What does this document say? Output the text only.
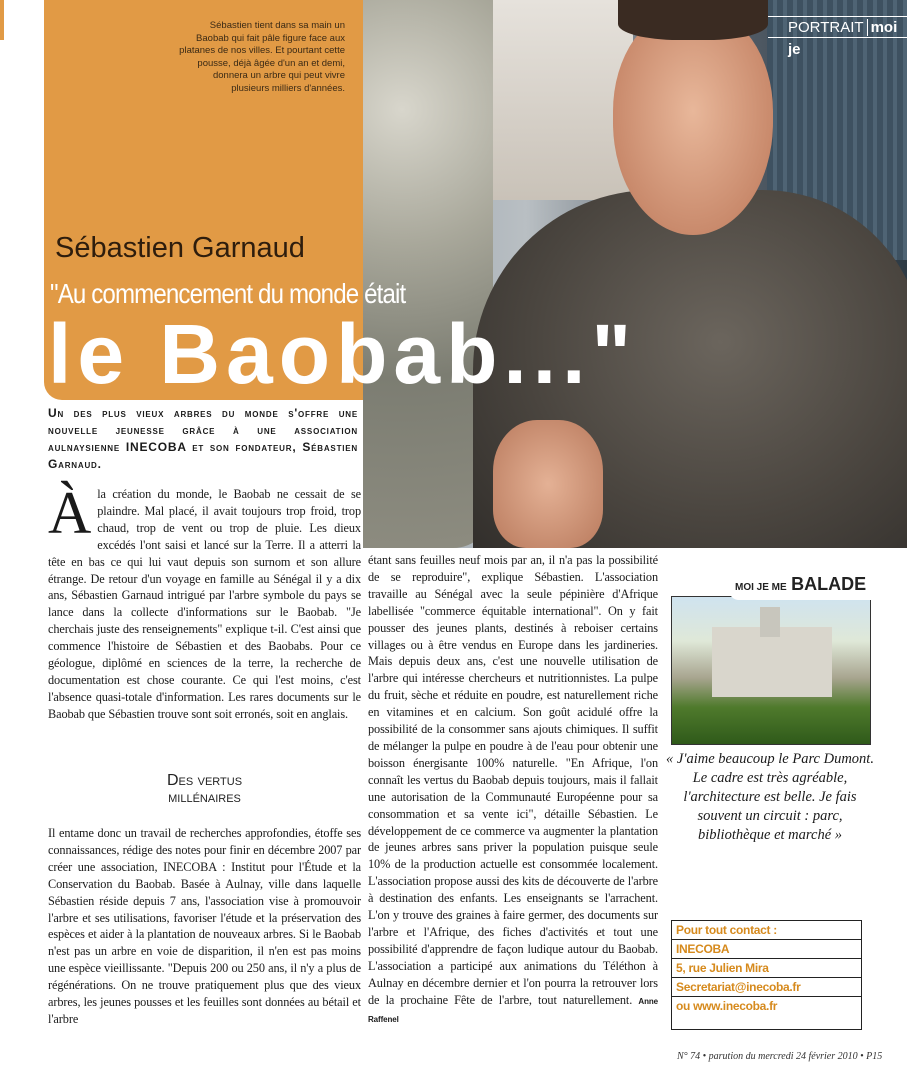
Sébastien tient dans sa main un Baobab qui fait pâle figure face aux platanes de nos villes. Et pourtant cette pousse, déjà âgée d'un an et demi, donnera un arbre qui peut vivre plusieurs milliers d'années.
PORTRAIT moi je
Sébastien Garnaud
"Au commencement du monde était
le Baobab..."
Un des plus vieux arbres du monde s'offre une nouvelle jeunesse grâce à une association aulnaysienne INECOBA et son fondateur, Sébastien Garnaud.
Àla création du monde, le Baobab ne cessait de se plaindre. Mal placé, il avait toujours trop froid, trop chaud, trop de vent ou trop de pluie. Les dieux excédés l'ont saisi et lancé sur la Terre. Il a atterri la tête en bas ce qui lui vaut depuis son surnom et son allure étrange. De retour d'un voyage en famille au Sénégal il y a dix ans, Sébastien Garnaud intrigué par l'arbre symbole du pays se lance dans la collecte d'informations sur le Baobab. "Je cherchais juste des renseignements" explique t-il. C'est ainsi que commence l'histoire de Sébastien et des Baobabs. Pour ce géologue, diplômé en sciences de la terre, la recherche de documentation est chose courante. Ce qui l'est moins, c'est l'absence quasi-totale d'information. Les rares documents sur le Baobab que Sébastien trouve sont soit erronés, soit en anglais.
Des vertus
millénaires
Il entame donc un travail de recherches approfondies, étoffe ses connaissances, rédige des notes pour finir en décembre 2007 par créer une association, INECOBA : Institut pour l'Étude et la Conservation du Baobab. Basée à Aulnay, ville dans laquelle Sébastien réside depuis 7 ans, l'association vise à promouvoir l'arbre et ses utilisations, favoriser l'étude et la préservation des espèces et aider à la plantation de nouveaux arbres. Si le Baobab n'est pas un arbre en voie de disparition, il n'en est pas moins une espèce vieillissante. "Depuis 200 ou 250 ans, il n'y a plus de régénérations. On ne trouve pratiquement plus que des vieux arbres, les jeunes pousses et les feuilles sont données au bétail et l'arbre
étant sans feuilles neuf mois par an, il n'a pas la possibilité de se reproduire", explique Sébastien. L'association travaille au Sénégal avec la seule pépinière d'Afrique labellisée "commerce équitable international". On y fait pousser des jeunes plants, destinés à reboiser certains villages ou à être vendus en Europe dans les jardineries. Mais depuis deux ans, c'est une nouvelle utilisation de l'arbre qui intéresse chercheurs et nutritionnistes. La pulpe du fruit, sèche et réduite en poudre, est naturellement riche en vitamines et en calcium. Son goût acidulé offre la possibilité de la consommer sans ajouts chimiques. Il suffit de mélanger la pulpe en poudre à de l'eau pour obtenir une boisson énergisante 100% naturelle. "En Afrique, l'on connaît les vertus du Baobab depuis toujours, mais il fallait une autorisation de la Communauté Européenne pour sa consommation et sa vente ici", détaille Sébastien. Le développement de ce commerce va augmenter la plantation de jeunes arbres sans priver la population puisque seule 10% de la production actuelle est consommée localement. L'association propose aussi des kits de découverte de l'arbre à destination des enfants. Les enseignants se l'arrachent. L'on y trouve des graines à faire germer, des documents sur l'arbre et l'Afrique, des fiches d'activités et tout une possibilité d'apprendre de façon ludique autour du Baobab. L'association a participé aux animations du Téléthon à Aulnay en décembre dernier et l'on pourra la retrouver lors de la prochaine Fête de l'arbre, tout naturellement. Anne Raffenel
MOI JE ME BALADE
« J'aime beaucoup le Parc Dumont. Le cadre est très agréable, l'architecture est belle. Je fais souvent un circuit : parc, bibliothèque et marché »
Pour tout contact :
INECOBA
5, rue Julien Mira
Secretariat@inecoba.fr
ou www.inecoba.fr
N° 74 • parution du mercredi 24 février 2010 • P15
